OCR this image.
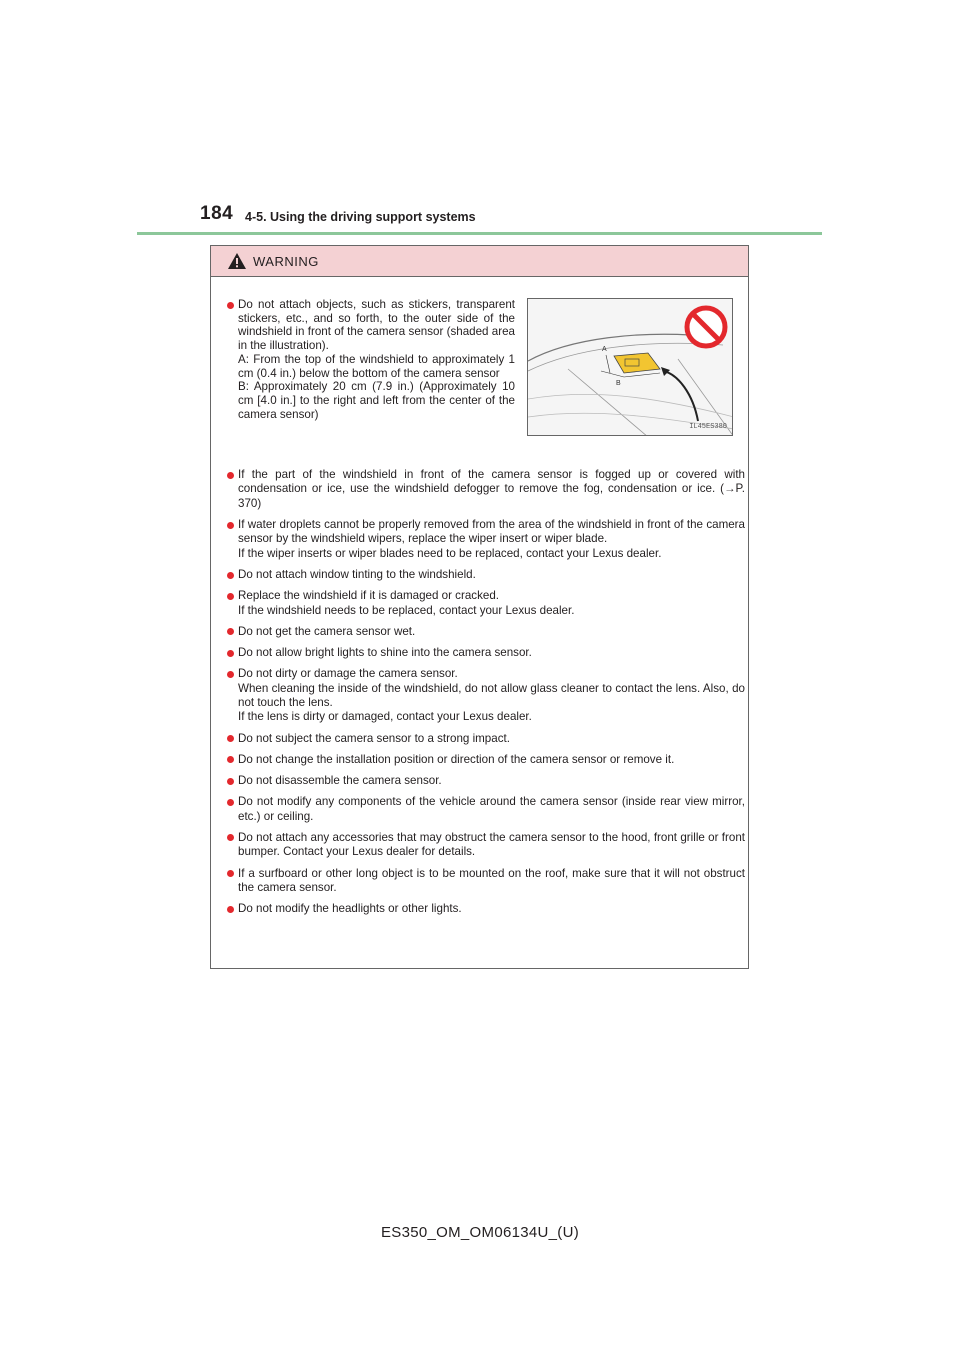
184 4-5. Using the driving support systems
WARNING
Do not attach objects, such as stickers, transparent stickers, etc., and so forth, to the outer side of the windshield in front of the camera sensor (shaded area in the illustration).
A: From the top of the windshield to approximately 1 cm (0.4 in.) below the bottom of the camera sensor
B: Approximately 20 cm (7.9 in.) (Approximately 10 cm [4.0 in.] to the right and left from the center of the camera sensor)
A
B
IL45ES380
If the part of the windshield in front of the camera sensor is fogged up or covered with condensation or ice, use the windshield defogger to remove the fog, condensation or ice. (→P. 370)
If water droplets cannot be properly removed from the area of the windshield in front of the camera sensor by the windshield wipers, replace the wiper insert or wiper blade.
If the wiper inserts or wiper blades need to be replaced, contact your Lexus dealer.
Do not attach window tinting to the windshield.
Replace the windshield if it is damaged or cracked.
If the windshield needs to be replaced, contact your Lexus dealer.
Do not get the camera sensor wet.
Do not allow bright lights to shine into the camera sensor.
Do not dirty or damage the camera sensor.
When cleaning the inside of the windshield, do not allow glass cleaner to contact the lens. Also, do not touch the lens.
If the lens is dirty or damaged, contact your Lexus dealer.
Do not subject the camera sensor to a strong impact.
Do not change the installation position or direction of the camera sensor or remove it.
Do not disassemble the camera sensor.
Do not modify any components of the vehicle around the camera sensor (inside rear view mirror, etc.) or ceiling.
Do not attach any accessories that may obstruct the camera sensor to the hood, front grille or front bumper. Contact your Lexus dealer for details.
If a surfboard or other long object is to be mounted on the roof, make sure that it will not obstruct the camera sensor.
Do not modify the headlights or other lights.
ES350_OM_OM06134U_(U)
